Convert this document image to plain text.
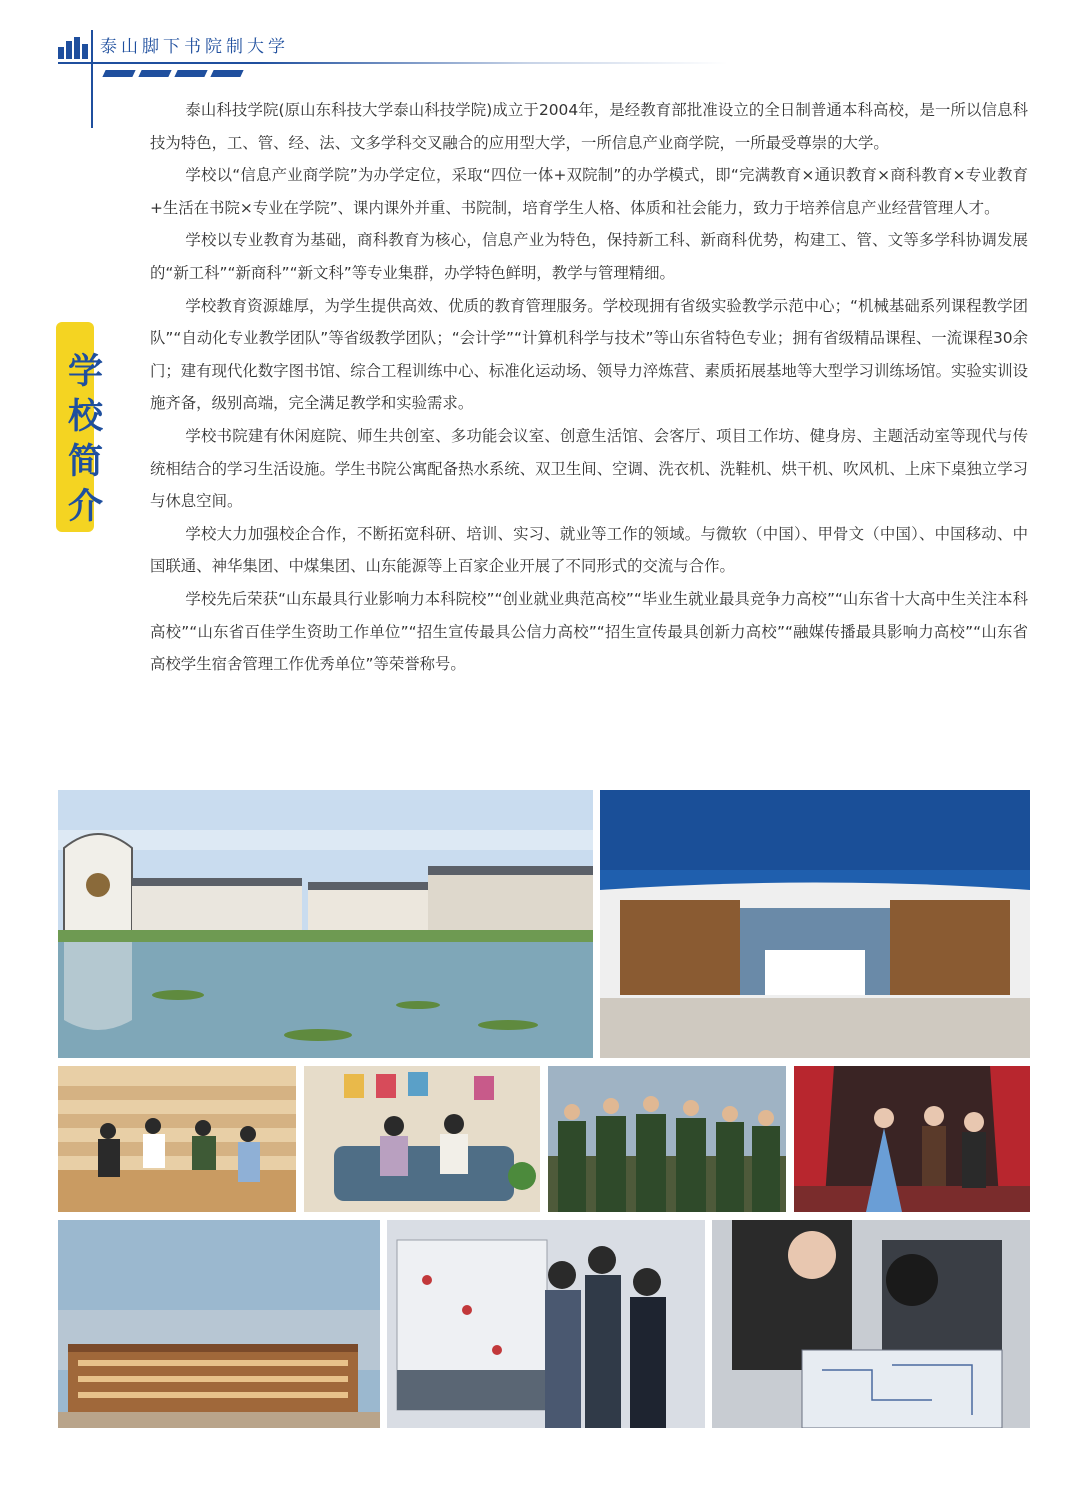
泰山脚下书院制大学
学校简介

泰山科技学院(原山东科技大学泰山科技学院)成立于2004年，是经教育部批准设立的全日制普通本科高校，是一所以信息科技为特色，工、管、经、法、文多学科交叉融合的应用型大学，一所信息产业商学院，一所最受尊崇的大学。

学校以“信息产业商学院”为办学定位，采取“四位一体+双院制”的办学模式，即“完满教育×通识教育×商科教育×专业教育+生活在书院×专业在学院”、课内课外并重、书院制，培育学生人格、体质和社会能力，致力于培养信息产业经营管理人才。

学校以专业教育为基础，商科教育为核心，信息产业为特色，保持新工科、新商科优势，构建工、管、文等多学科协调发展的“新工科”“新商科”“新文科”等专业集群，办学特色鲜明，教学与管理精细。

学校教育资源雄厚，为学生提供高效、优质的教育管理服务。学校现拥有省级实验教学示范中心；“机械基础系列课程教学团队”“自动化专业教学团队”等省级教学团队；“会计学”“计算机科学与技术”等山东省特色专业；拥有省级精品课程、一流课程30余门；建有现代化数字图书馆、综合工程训练中心、标准化运动场、领导力淬炼营、素质拓展基地等大型学习训练场馆。实验实训设施齐备，级别高端，完全满足教学和实验需求。

学校书院建有休闲庭院、师生共创室、多功能会议室、创意生活馆、会客厅、项目工作坊、健身房、主题活动室等现代与传统相结合的学习生活设施。学生书院公寓配备热水系统、双卫生间、空调、洗衣机、洗鞋机、烘干机、吹风机、上床下桌独立学习与休息空间。

学校大力加强校企合作，不断拓宽科研、培训、实习、就业等工作的领域。与微软（中国）、甲骨文（中国）、中国移动、中国联通、神华集团、中煤集团、山东能源等上百家企业开展了不同形式的交流与合作。

学校先后荣获“山东最具行业影响力本科院校”“创业就业典范高校”“毕业生就业最具竞争力高校”“山东省十大高中生关注本科高校”“山东省百佳学生资助工作单位”“招生宣传最具公信力高校”“招生宣传最具创新力高校”“融媒传播最具影响力高校”“山东省高校学生宿舍管理工作优秀单位”等荣誉称号。
